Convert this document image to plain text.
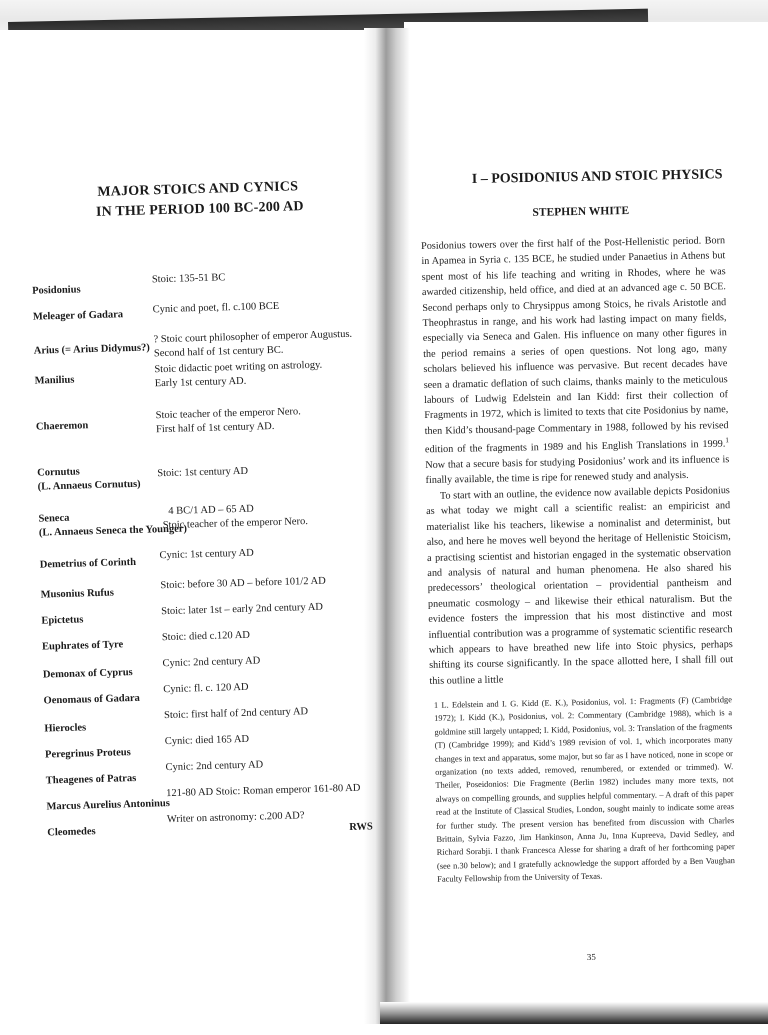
MAJOR STOICS AND CYNICS
IN THE PERIOD 100 BC-200 AD
Posidonius
Stoic: 135-51 BC
Meleager of Gadara
Cynic and poet, fl. c.100 BCE
Arius (= Arius Didymus?)
? Stoic court philosopher of emperor Augustus.
Second half of 1st century BC.
Manilius
Stoic didactic poet writing on astrology.
Early 1st century AD.
Chaeremon
Stoic teacher of the emperor Nero.
First half of 1st century AD.
Cornutus
(L. Annaeus Cornutus)
Stoic: 1st century AD
Seneca
(L. Annaeus Seneca the Younger)
4 BC/1 AD – 65 AD
Stoic teacher of the emperor Nero.
Demetrius of Corinth
Cynic: 1st century AD
Musonius Rufus
Stoic: before 30 AD – before 101/2 AD
Epictetus
Stoic: later 1st – early 2nd century AD
Euphrates of Tyre
Stoic: died c.120 AD
Demonax of Cyprus
Cynic: 2nd century AD
Oenomaus of Gadara
Cynic: fl. c. 120 AD
Hierocles
Stoic: first half of 2nd century AD
Peregrinus Proteus
Cynic: died 165 AD
Theagenes of Patras
Cynic: 2nd century AD
Marcus Aurelius Antoninus
121-80 AD Stoic: Roman emperor 161-80 AD
Cleomedes
Writer on astronomy: c.200 AD?
RWS
I – POSIDONIUS AND STOIC PHYSICS
STEPHEN WHITE

Posidonius towers over the first half of the Post-Hellenistic period. Born in Apamea in Syria c. 135 BCE, he studied under Panaetius in Athens but spent most of his life teaching and writing in Rhodes, where he was awarded citizenship, held office, and died at an advanced age c. 50 BCE. Second perhaps only to Chrysippus among Stoics, he rivals Aristotle and Theophrastus in range, and his work had lasting impact on many fields, especially via Seneca and Galen. His influence on many other figures in the period remains a series of open questions. Not long ago, many scholars believed his influence was pervasive. But recent decades have seen a dramatic deflation of such claims, thanks mainly to the meticulous labours of Ludwig Edelstein and Ian Kidd: first their collection of Fragments in 1972, which is limited to texts that cite Posidonius by name, then Kidd’s thousand-page Commentary in 1988, followed by his revised edition of the fragments in 1989 and his English Translations in 1999.$^1$ Now that a secure basis for studying Posidonius’ work and its influence is finally available, the time is ripe for renewed study and analysis.

To start with an outline, the evidence now available depicts Posidonius as what today we might call a scientific realist: an empiricist and materialist like his teachers, likewise a nominalist and determinist, but also, and here he moves well beyond the heritage of Hellenistic Stoicism, a practising scientist and historian engaged in the systematic observation and analysis of natural and human phenomena. He also shared his predecessors’ theological orientation – providential pantheism and pneumatic cosmology – and likewise their ethical naturalism. But the evidence fosters the impression that his most distinctive and most influential contribution was a programme of systematic scientific research which appears to have breathed new life into Stoic physics, perhaps shifting its course significantly. In the space allotted here, I shall fill out this outline a little

1 L. Edelstein and I. G. Kidd (E. K.), Posidonius, vol. 1: Fragments (F) (Cambridge 1972); I. Kidd (K.), Posidonius, vol. 2: Commentary (Cambridge 1988), which is a goldmine still largely untapped; I. Kidd, Posidonius, vol. 3: Translation of the fragments (T) (Cambridge 1999); and Kidd’s 1989 revision of vol. 1, which incorporates many changes in text and apparatus, some major, but so far as I have noticed, none in scope or organization (no texts added, removed, renumbered, or extended or trimmed). W. Theiler, Poseidonios: Die Fragmente (Berlin 1982) includes many more texts, not always on compelling grounds, and supplies helpful commentary. – A draft of this paper read at the Institute of Classical Studies, London, sought mainly to indicate some areas for further study. The present version has benefited from discussion with Charles Brittain, Sylvia Fazzo, Jim Hankinson, Anna Ju, Inna Kupreeva, David Sedley, and Richard Sorabji. I thank Francesca Alesse for sharing a draft of her forthcoming paper (see n.30 below); and I gratefully acknowledge the support afforded by a Ben Vaughan Faculty Fellowship from the University of Texas.
35
